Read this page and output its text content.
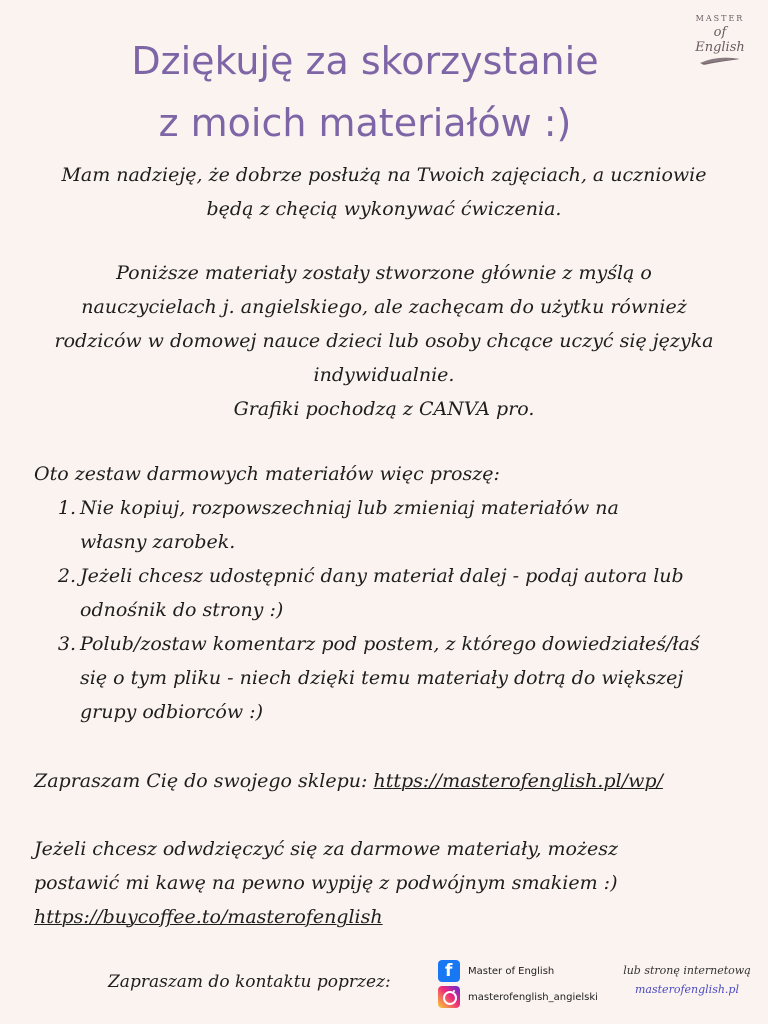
MASTER
of English
Dziękuję za skorzystanie
z moich materiałów :)
Mam nadzieję, że dobrze posłużą na Twoich zajęciach, a uczniowie
będą z chęcią wykonywać ćwiczenia.
Poniższe materiały zostały stworzone głównie z myślą o
nauczycielach j. angielskiego, ale zachęcam do użytku również
rodziców w domowej nauce dzieci lub osoby chcące uczyć się języka
indywidualnie.
Grafiki pochodzą z CANVA pro.
Oto zestaw darmowych materiałów więc proszę:
1. Nie kopiuj, rozpowszechniaj lub zmieniaj materiałów na
własny zarobek.
2. Jeżeli chcesz udostępnić dany materiał dalej - podaj autora lub
odnośnik do strony :)
3. Polub/zostaw komentarz pod postem, z którego dowiedziałeś/łaś
się o tym pliku - niech dzięki temu materiały dotrą do większej
grupy odbiorców :)
Zapraszam Cię do swojego sklepu: https://masterofenglish.pl/wp/
Jeżeli chcesz odwdzięczyć się za darmowe materiały, możesz
postawić mi kawę na pewno wypiję z podwójnym smakiem :)
https://buycoffee.to/masterofenglish
Zapraszam do kontaktu poprzez:
f Master of English
masterofenglish_angielski
lub stronę internetową
masterofenglish.pl
